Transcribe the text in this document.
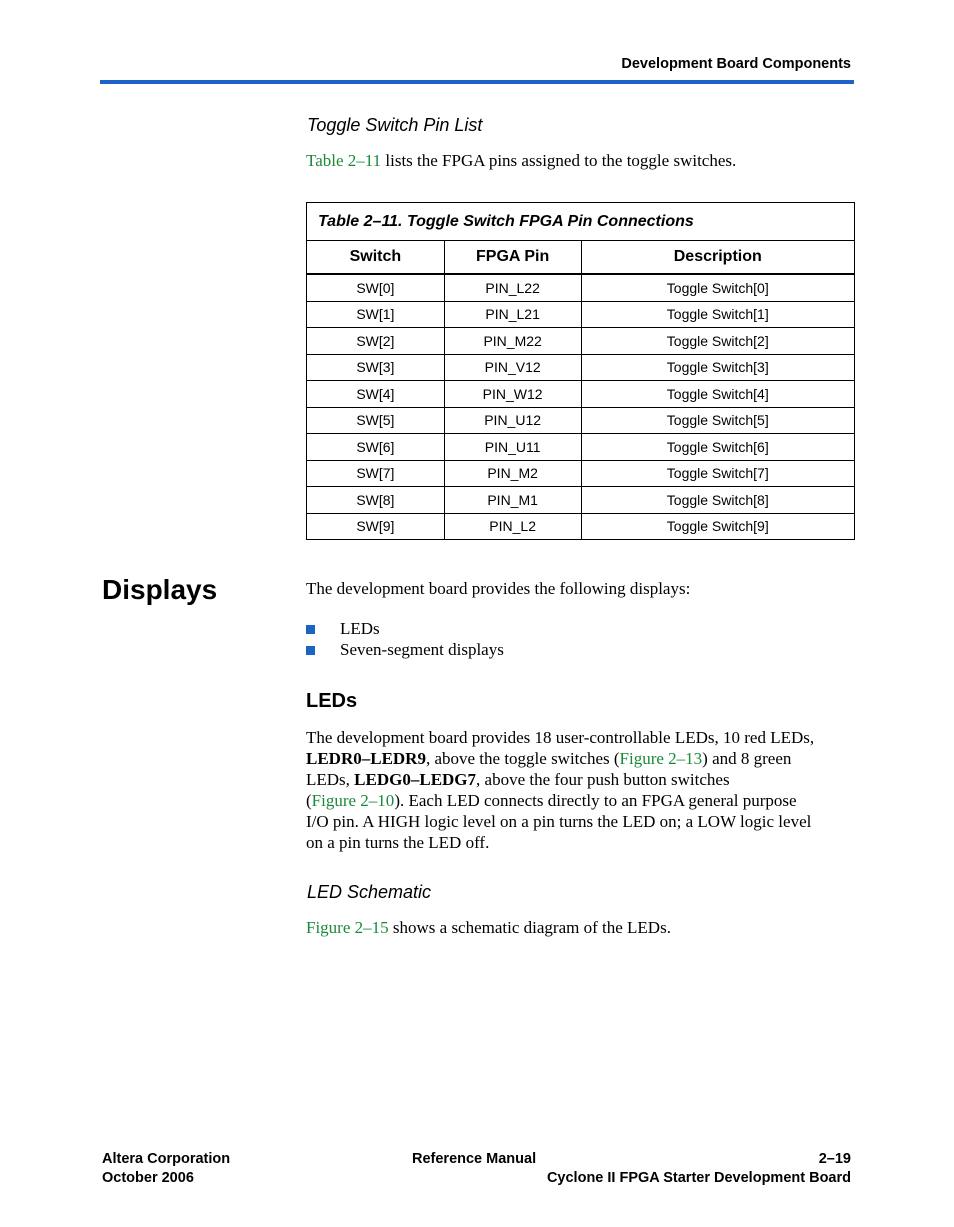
Development Board Components
Toggle Switch Pin List
Table 2–11 lists the FPGA pins assigned to the toggle switches.
Table 2–11. Toggle Switch FPGA Pin Connections		
Switch	FPGA Pin	Description
SW[0]	PIN_L22	Toggle Switch[0]
SW[1]	PIN_L21	Toggle Switch[1]
SW[2]	PIN_M22	Toggle Switch[2]
SW[3]	PIN_V12	Toggle Switch[3]
SW[4]	PIN_W12	Toggle Switch[4]
SW[5]	PIN_U12	Toggle Switch[5]
SW[6]	PIN_U11	Toggle Switch[6]
SW[7]	PIN_M2	Toggle Switch[7]
SW[8]	PIN_M1	Toggle Switch[8]
SW[9]	PIN_L2	Toggle Switch[9]
Displays	The development board provides the following displays:
LEDs
Seven-segment displays
LEDs
The development board provides 18 user-controllable LEDs, 10 red LEDs,
LEDR0–LEDR9, above the toggle switches (Figure 2–13) and 8 green
LEDs, LEDG0–LEDG7, above the four push button switches
(Figure 2–10). Each LED connects directly to an FPGA general purpose
I/O pin. A HIGH logic level on a pin turns the LED on; a LOW logic level
on a pin turns the LED off.
LED Schematic
Figure 2–15 shows a schematic diagram of the LEDs.
Altera Corporation
October 2006
Reference Manual	2–19
Cyclone II FPGA Starter Development Board
